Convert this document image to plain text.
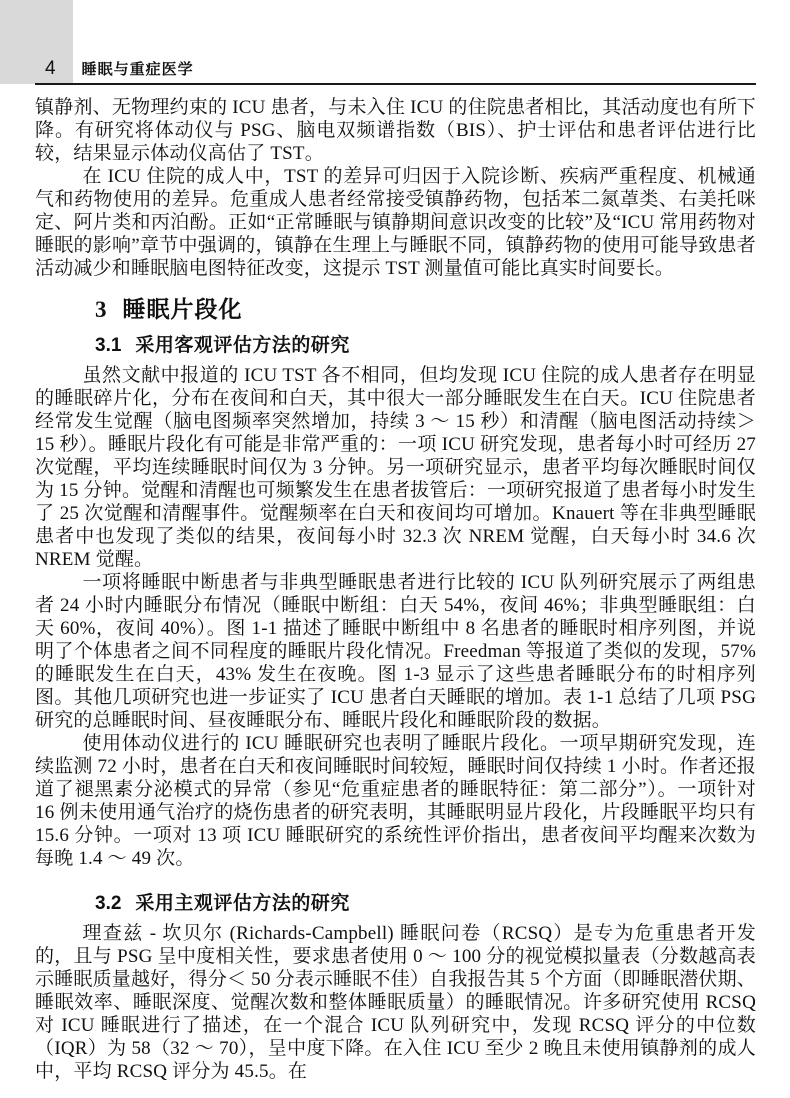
4 睡眠与重症医学

镇静剂、无物理约束的 ICU 患者，与未入住 ICU 的住院患者相比，其活动度也有所下降。有研究将体动仪与 PSG、脑电双频谱指数（BIS）、护士评估和患者评估进行比较，结果显示体动仪高估了 TST。

在 ICU 住院的成人中，TST 的差异可归因于入院诊断、疾病严重程度、机械通气和药物使用的差异。危重成人患者经常接受镇静药物，包括苯二氮䓬类、右美托咪定、阿片类和丙泊酚。正如“正常睡眠与镇静期间意识改变的比较”及“ICU 常用药物对睡眠的影响”章节中强调的，镇静在生理上与睡眠不同，镇静药物的使用可能导致患者活动减少和睡眠脑电图特征改变，这提示 TST 测量值可能比真实时间要长。

3 睡眠片段化
3.1 采用客观评估方法的研究

虽然文献中报道的 ICU TST 各不相同，但均发现 ICU 住院的成人患者存在明显的睡眠碎片化，分布在夜间和白天，其中很大一部分睡眠发生在白天。ICU 住院患者经常发生觉醒（脑电图频率突然增加，持续 3 ～ 15 秒）和清醒（脑电图活动持续＞ 15 秒）。睡眠片段化有可能是非常严重的：一项 ICU 研究发现，患者每小时可经历 27 次觉醒，平均连续睡眠时间仅为 3 分钟。另一项研究显示，患者平均每次睡眠时间仅为 15 分钟。觉醒和清醒也可频繁发生在患者拔管后：一项研究报道了患者每小时发生了 25 次觉醒和清醒事件。觉醒频率在白天和夜间均可增加。Knauert 等在非典型睡眠患者中也发现了类似的结果，夜间每小时 32.3 次 NREM 觉醒，白天每小时 34.6 次 NREM 觉醒。

一项将睡眠中断患者与非典型睡眠患者进行比较的 ICU 队列研究展示了两组患者 24 小时内睡眠分布情况（睡眠中断组：白天 54%，夜间 46%；非典型睡眠组：白天 60%，夜间 40%）。图 1-1 描述了睡眠中断组中 8 名患者的睡眠时相序列图，并说明了个体患者之间不同程度的睡眠片段化情况。Freedman 等报道了类似的发现，57% 的睡眠发生在白天，43% 发生在夜晚。图 1-3 显示了这些患者睡眠分布的时相序列图。其他几项研究也进一步证实了 ICU 患者白天睡眠的增加。表 1-1 总结了几项 PSG 研究的总睡眠时间、昼夜睡眠分布、睡眠片段化和睡眠阶段的数据。

使用体动仪进行的 ICU 睡眠研究也表明了睡眠片段化。一项早期研究发现，连续监测 72 小时，患者在白天和夜间睡眠时间较短，睡眠时间仅持续 1 小时。作者还报道了褪黑素分泌模式的异常（参见“危重症患者的睡眠特征：第二部分”）。一项针对 16 例未使用通气治疗的烧伤患者的研究表明，其睡眠明显片段化，片段睡眠平均只有 15.6 分钟。一项对 13 项 ICU 睡眠研究的系统性评价指出，患者夜间平均醒来次数为每晚 1.4 ～ 49 次。

3.2 采用主观评估方法的研究

理查兹 - 坎贝尔 (Richards-Campbell) 睡眠问卷（RCSQ）是专为危重患者开发的，且与 PSG 呈中度相关性，要求患者使用 0 ～ 100 分的视觉模拟量表（分数越高表示睡眠质量越好，得分＜ 50 分表示睡眠不佳）自我报告其 5 个方面（即睡眠潜伏期、睡眠效率、睡眠深度、觉醒次数和整体睡眠质量）的睡眠情况。许多研究使用 RCSQ 对 ICU 睡眠进行了描述，在一个混合 ICU 队列研究中，发现 RCSQ 评分的中位数（IQR）为 58（32 ～ 70），呈中度下降。在入住 ICU 至少 2 晚且未使用镇静剂的成人中，平均 RCSQ 评分为 45.5。在
